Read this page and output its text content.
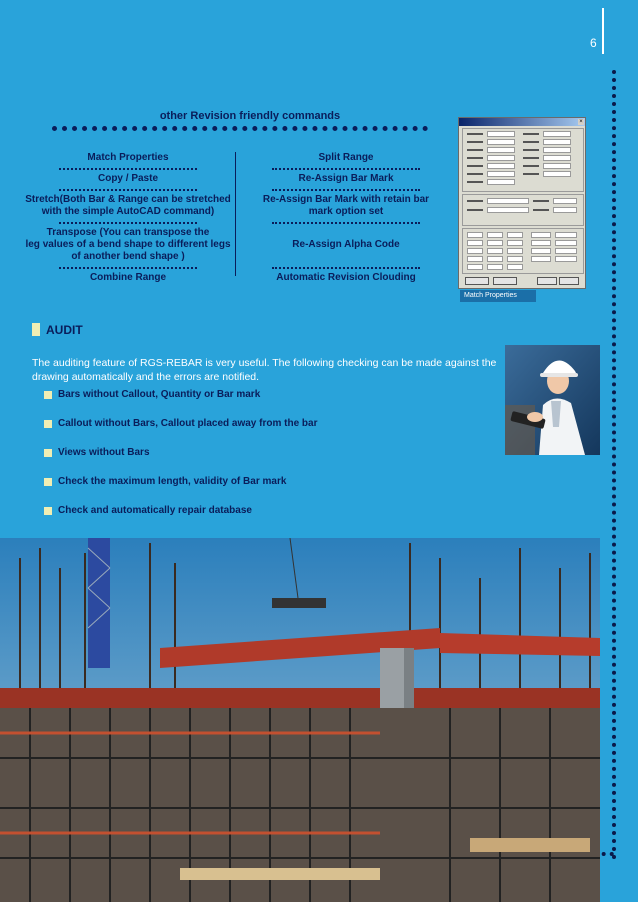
6
other Revision friendly commands
Match Properties
Copy / Paste
Stretch(Both Bar & Range can be stretched
with the simple AutoCAD command)
Transpose (You can transpose the
leg values of a bend shape to different legs
of another bend shape )
Combine Range
Split Range
Re-Assign Bar Mark
Re-Assign Bar Mark with retain bar
mark option set
Re-Assign Alpha Code
Automatic Revision Clouding
×
Match Properties
AUDIT
The auditing feature of RGS-REBAR is very useful. The following checking can be made against the drawing automatically and the errors are notified.
Bars without Callout, Quantity or Bar mark
Callout without Bars, Callout placed away from the bar
Views without Bars
Check the maximum length, validity of Bar mark
Check and automatically repair database
